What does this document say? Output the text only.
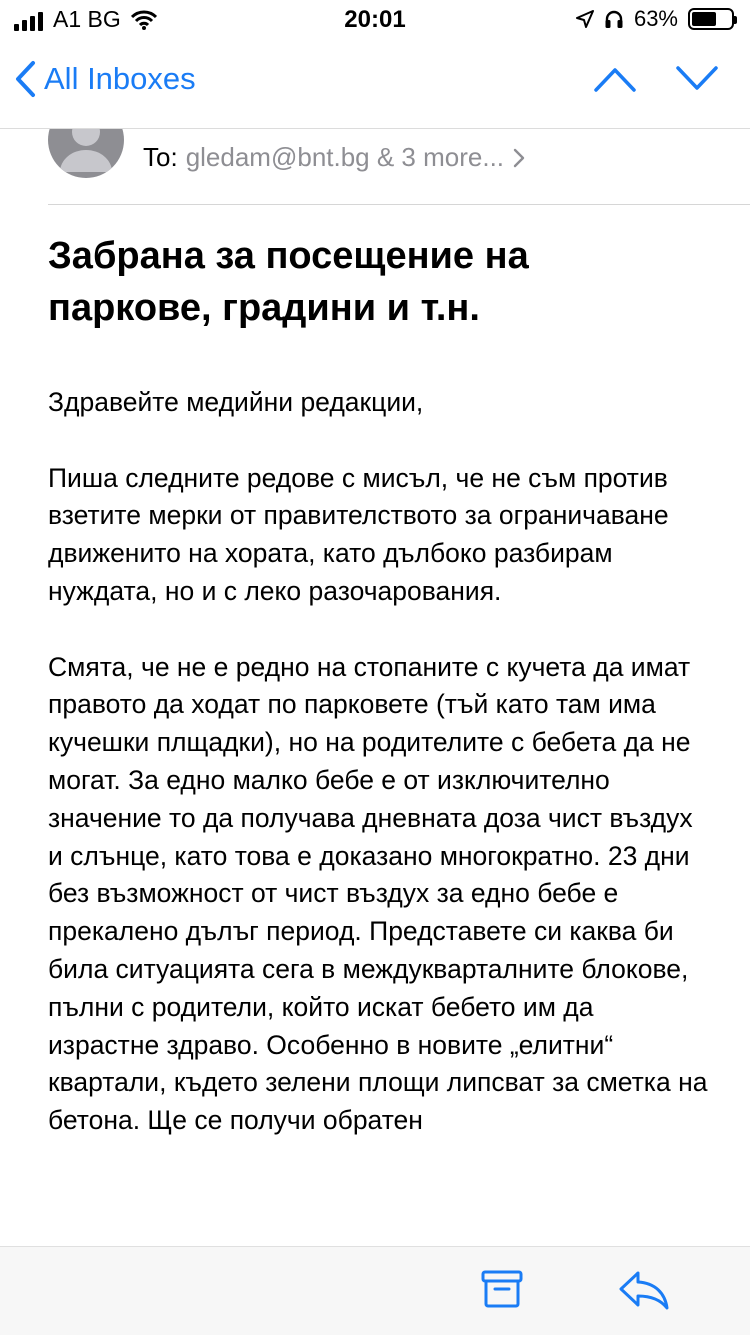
A1 BG	20:01	63%
All Inboxes
To: gledam@bnt.bg & 3 more...
Забрана за посещение на паркове, градини и т.н.

Здравейте медийни редакции,

Пиша следните редове с мисъл, че не съм против взетите мерки от правителството за ограничаване движенито на хората, като дълбоко разбирам нуждата, но и с леко разочарования.

Смята, че не е редно на стопаните с кучета да имат правото да ходат по парковете (тъй като там има кучешки плщадки), но на родителите с бебета да не могат. За едно малко бебе е от изключително значение то да получава дневната доза чист въздух и слънце, като това е доказано многократно. 23 дни без възможност от чист въздух за едно бебе е прекалено дълъг период. Представете си каква би била ситуацията сега в междукварталните блокове, пълни с родители, който искат бебето им да израстне здраво. Особенно в новите „елитни“ квартали, където зелени площи липсват за сметка на бетона. Ще се получи обратен
